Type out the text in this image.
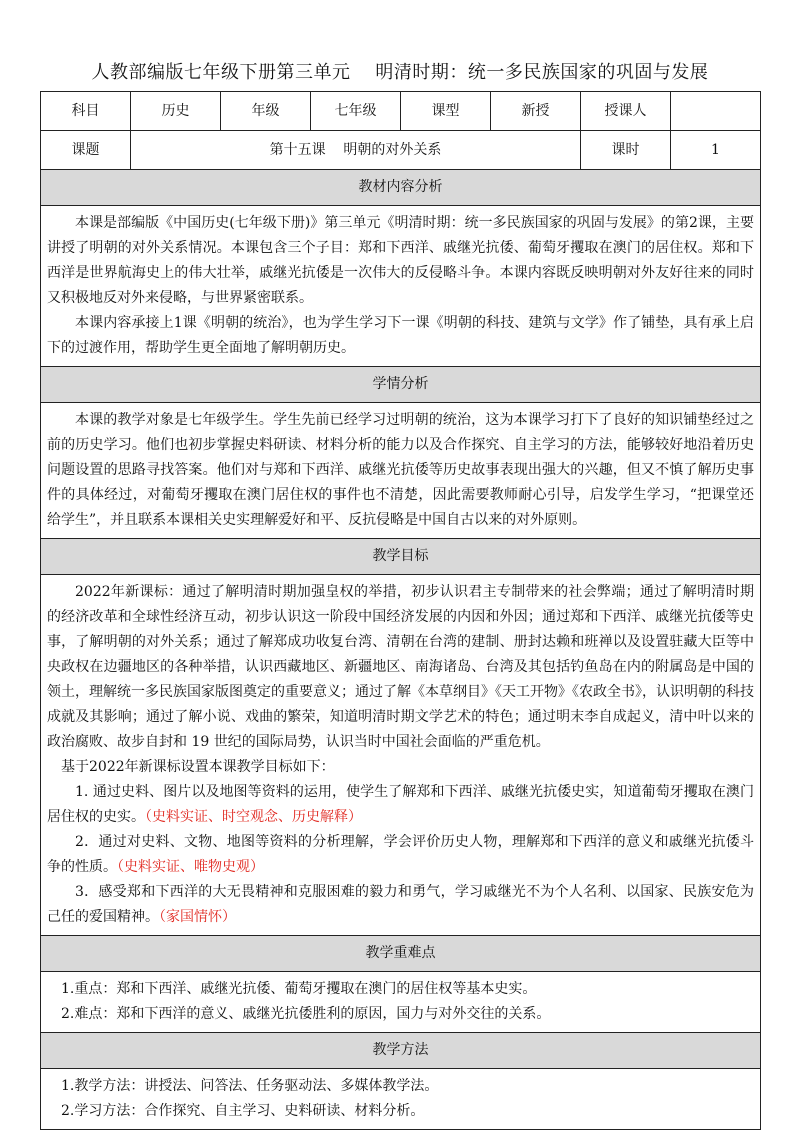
人教部编版七年级下册第三单元    明清时期：统一多民族国家的巩固与发展
科目	历史	年级	七年级	课型	新授	授课人	
课题	第十五课    明朝的对外关系					课时	1
教材内容分析							

本课是部编版《中国历史(七年级下册)》第三单元《明清时期：统一多民族国家的巩固与发展》的第2课，主要讲授了明朝的对外关系情况。本课包含三个子目：郑和下西洋、戚继光抗倭、葡萄牙攫取在澳门的居住权。郑和下西洋是世界航海史上的伟大壮举，戚继光抗倭是一次伟大的反侵略斗争。本课内容既反映明朝对外友好往来的同时又积极地反对外来侵略，与世界紧密联系。

本课内容承接上1课《明朝的统治》，也为学生学习下一课《明朝的科技、建筑与文学》作了铺垫，具有承上启下的过渡作用，帮助学生更全面地了解明朝历史。							

学情分析							

本课的教学对象是七年级学生。学生先前已经学习过明朝的统治，这为本课学习打下了良好的知识铺垫经过之前的历史学习。他们也初步掌握史料研读、材料分析的能力以及合作探究、自主学习的方法，能够较好地沿着历史问题设置的思路寻找答案。他们对与郑和下西洋、戚继光抗倭等历史故事表现出强大的兴趣，但又不慎了解历史事件的具体经过，对葡萄牙攫取在澳门居住权的事件也不清楚，因此需要教师耐心引导，启发学生学习，“把课堂还给学生”，并且联系本课相关史实理解爱好和平、反抗侵略是中国自古以来的对外原则。							

教学目标							

2022年新课标：通过了解明清时期加强皇权的举措，初步认识君主专制带来的社会弊端；通过了解明清时期的经济改革和全球性经济互动，初步认识这一阶段中国经济发展的内因和外因；通过郑和下西洋、戚继光抗倭等史事，了解明朝的对外关系；通过了解郑成功收复台湾、清朝在台湾的建制、册封达赖和班禅以及设置驻藏大臣等中央政权在边疆地区的各种举措，认识西藏地区、新疆地区、南海诸岛、台湾及其包括钓鱼岛在内的附属岛是中国的领土，理解统一多民族国家版图奠定的重要意义；通过了解《本草纲目》《天工开物》《农政全书》，认识明朝的科技成就及其影响；通过了解小说、戏曲的繁荣，知道明清时期文学艺术的特色；通过明末李自成起义，清中叶以来的政治腐败、故步自封和 19 世纪的国际局势，认识当时中国社会面临的严重危机。

基于2022年新课标设置本课教学目标如下：

1. 通过史料、图片以及地图等资料的运用，使学生了解郑和下西洋、戚继光抗倭史实，知道葡萄牙攫取在澳门居住权的史实。（史料实证、时空观念、历史解释）

2．通过对史料、文物、地图等资料的分析理解，学会评价历史人物，理解郑和下西洋的意义和戚继光抗倭斗争的性质。（史料实证、唯物史观）

3．感受郑和下西洋的大无畏精神和克服困难的毅力和勇气，学习戚继光不为个人名利、以国家、民族安危为己任的爱国精神。（家国情怀）							

教学重难点							

1.重点：郑和下西洋、戚继光抗倭、葡萄牙攫取在澳门的居住权等基本史实。

2.难点：郑和下西洋的意义、戚继光抗倭胜利的原因，国力与对外交往的关系。							

教学方法							

1.教学方法：讲授法、问答法、任务驱动法、多媒体教学法。

2.学习方法：合作探究、自主学习、史料研读、材料分析。							
